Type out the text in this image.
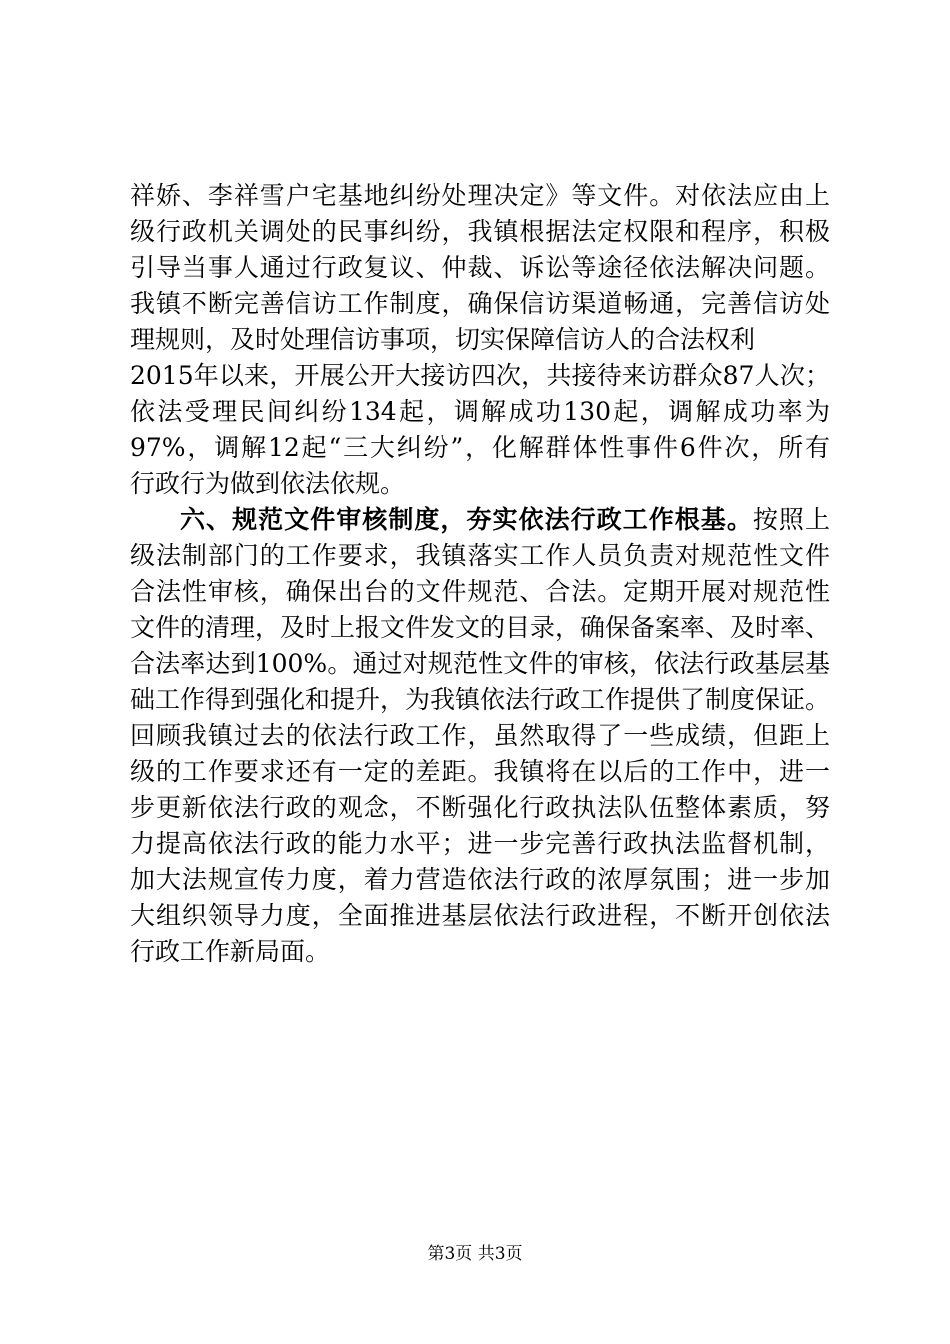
祥娇、李祥雪户宅基地纠纷处理决定》等文件。对依法应由上
级行政机关调处的民事纠纷，我镇根据法定权限和程序，积极
引导当事人通过行政复议、仲裁、诉讼等途径依法解决问题。
我镇不断完善信访工作制度，确保信访渠道畅通，完善信访处
理规则，及时处理信访事项，切实保障信访人的合法权利
2015年以来，开展公开大接访四次，共接待来访群众87人次；
依法受理民间纠纷134起，调解成功130起，调解成功率为
97%，调解12起“三大纠纷”，化解群体性事件6件次，所有
行政行为做到依法依规。
六、规范文件审核制度，夯实依法行政工作根基。按照上
级法制部门的工作要求，我镇落实工作人员负责对规范性文件
合法性审核，确保出台的文件规范、合法。定期开展对规范性
文件的清理，及时上报文件发文的目录，确保备案率、及时率、
合法率达到100%。通过对规范性文件的审核，依法行政基层基
础工作得到强化和提升，为我镇依法行政工作提供了制度保证。
回顾我镇过去的依法行政工作，虽然取得了一些成绩，但距上
级的工作要求还有一定的差距。我镇将在以后的工作中，进一
步更新依法行政的观念，不断强化行政执法队伍整体素质，努
力提高依法行政的能力水平；进一步完善行政执法监督机制，
加大法规宣传力度，着力营造依法行政的浓厚氛围；进一步加
大组织领导力度，全面推进基层依法行政进程，不断开创依法
行政工作新局面。
第3页 共3页
